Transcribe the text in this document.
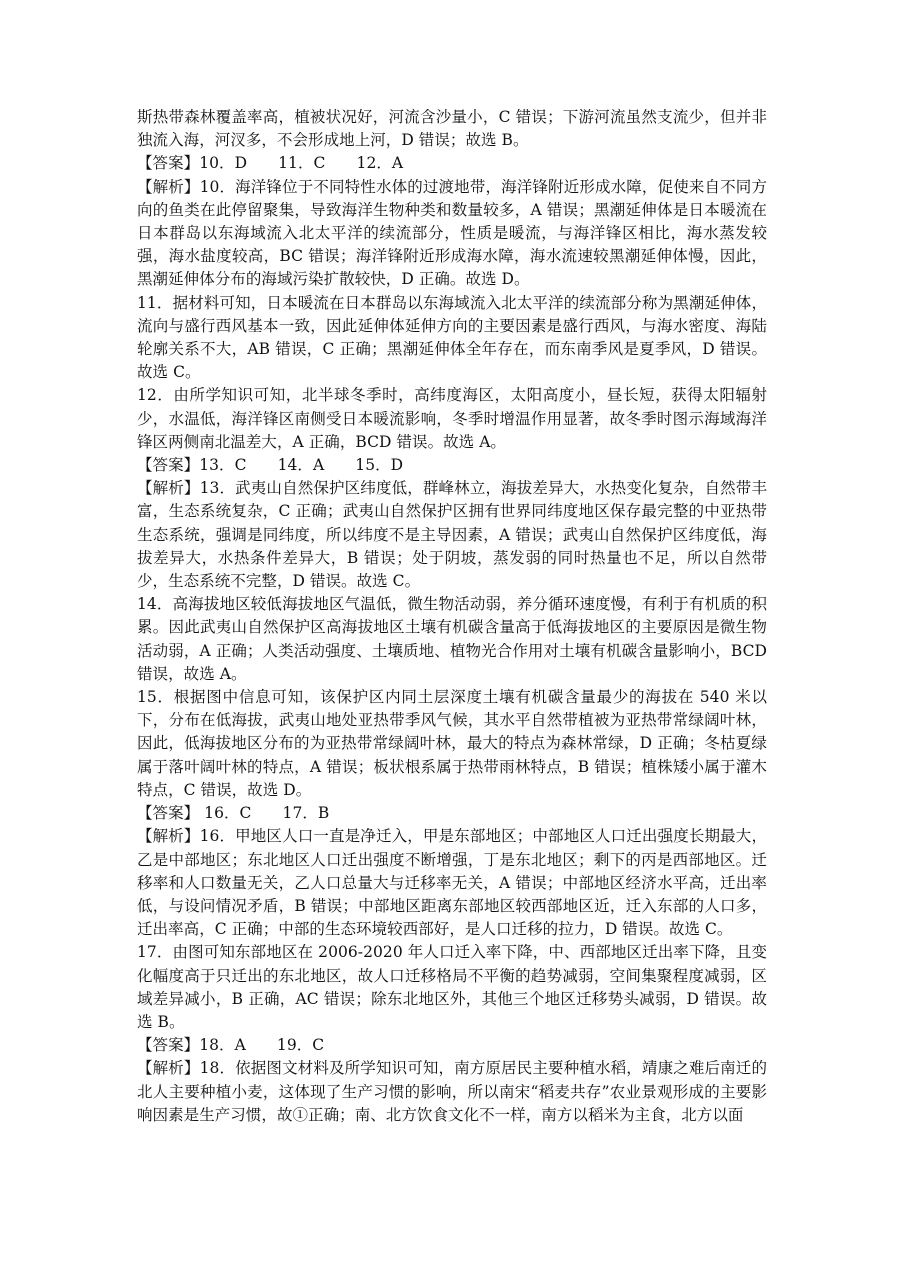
斯热带森林覆盖率高，植被状况好，河流含沙量小，C 错误；下游河流虽然支流少，但并非独流入海，河汊多，不会形成地上河，D 错误；故选 B。

【答案】10．D　　11．C　　12．A

【解析】10．海洋锋位于不同特性水体的过渡地带，海洋锋附近形成水障，促使来自不同方向的鱼类在此停留聚集，导致海洋生物种类和数量较多，A 错误；黑潮延伸体是日本暖流在日本群岛以东海域流入北太平洋的续流部分，性质是暖流，与海洋锋区相比，海水蒸发较强，海水盐度较高，BC 错误；海洋锋附近形成海水障，海水流速较黑潮延伸体慢，因此，黑潮延伸体分布的海域污染扩散较快，D 正确。故选 D。

11．据材料可知，日本暖流在日本群岛以东海域流入北太平洋的续流部分称为黑潮延伸体，流向与盛行西风基本一致，因此延伸体延伸方向的主要因素是盛行西风，与海水密度、海陆轮廓关系不大，AB 错误，C 正确；黑潮延伸体全年存在，而东南季风是夏季风，D 错误。故选 C。

12．由所学知识可知，北半球冬季时，高纬度海区，太阳高度小，昼长短，获得太阳辐射少，水温低，海洋锋区南侧受日本暖流影响，冬季时增温作用显著，故冬季时图示海域海洋锋区两侧南北温差大，A 正确，BCD 错误。故选 A。

【答案】13．C　　14．A　　15．D

【解析】13．武夷山自然保护区纬度低，群峰林立，海拔差异大，水热变化复杂，自然带丰富，生态系统复杂，C 正确；武夷山自然保护区拥有世界同纬度地区保存最完整的中亚热带生态系统，强调是同纬度，所以纬度不是主导因素，A 错误；武夷山自然保护区纬度低，海拔差异大，水热条件差异大，B 错误；处于阴坡，蒸发弱的同时热量也不足，所以自然带少，生态系统不完整，D 错误。故选 C。

14．高海拔地区较低海拔地区气温低，微生物活动弱，养分循环速度慢，有利于有机质的积累。因此武夷山自然保护区高海拔地区土壤有机碳含量高于低海拔地区的主要原因是微生物活动弱，A 正确；人类活动强度、土壤质地、植物光合作用对土壤有机碳含量影响小，BCD 错误，故选 A。

15．根据图中信息可知，该保护区内同土层深度土壤有机碳含量最少的海拔在 540 米以下，分布在低海拔，武夷山地处亚热带季风气候，其水平自然带植被为亚热带常绿阔叶林，因此，低海拔地区分布的为亚热带常绿阔叶林，最大的特点为森林常绿，D 正确；冬枯夏绿属于落叶阔叶林的特点，A 错误；板状根系属于热带雨林特点，B 错误；植株矮小属于灌木特点，C 错误，故选 D。

【答案】 16．C　　17．B

【解析】16．甲地区人口一直是净迁入，甲是东部地区；中部地区人口迁出强度长期最大，乙是中部地区；东北地区人口迁出强度不断增强，丁是东北地区；剩下的丙是西部地区。迁移率和人口数量无关，乙人口总量大与迁移率无关，A 错误；中部地区经济水平高，迁出率低，与设问情况矛盾，B 错误；中部地区距离东部地区较西部地区近，迁入东部的人口多，迁出率高，C 正确；中部的生态环境较西部好，是人口迁移的拉力，D 错误。故选 C。

17．由图可知东部地区在 2006-2020 年人口迁入率下降，中、西部地区迁出率下降，且变化幅度高于只迁出的东北地区，故人口迁移格局不平衡的趋势减弱，空间集聚程度减弱，区域差异减小，B 正确，AC 错误；除东北地区外，其他三个地区迁移势头减弱，D 错误。故选 B。

【答案】18．A　　19．C

【解析】18．依据图文材料及所学知识可知，南方原居民主要种植水稻，靖康之难后南迁的北人主要种植小麦，这体现了生产习惯的影响，所以南宋“稻麦共存”农业景观形成的主要影响因素是生产习惯，故①正确；南、北方饮食文化不一样，南方以稻米为主食，北方以面
